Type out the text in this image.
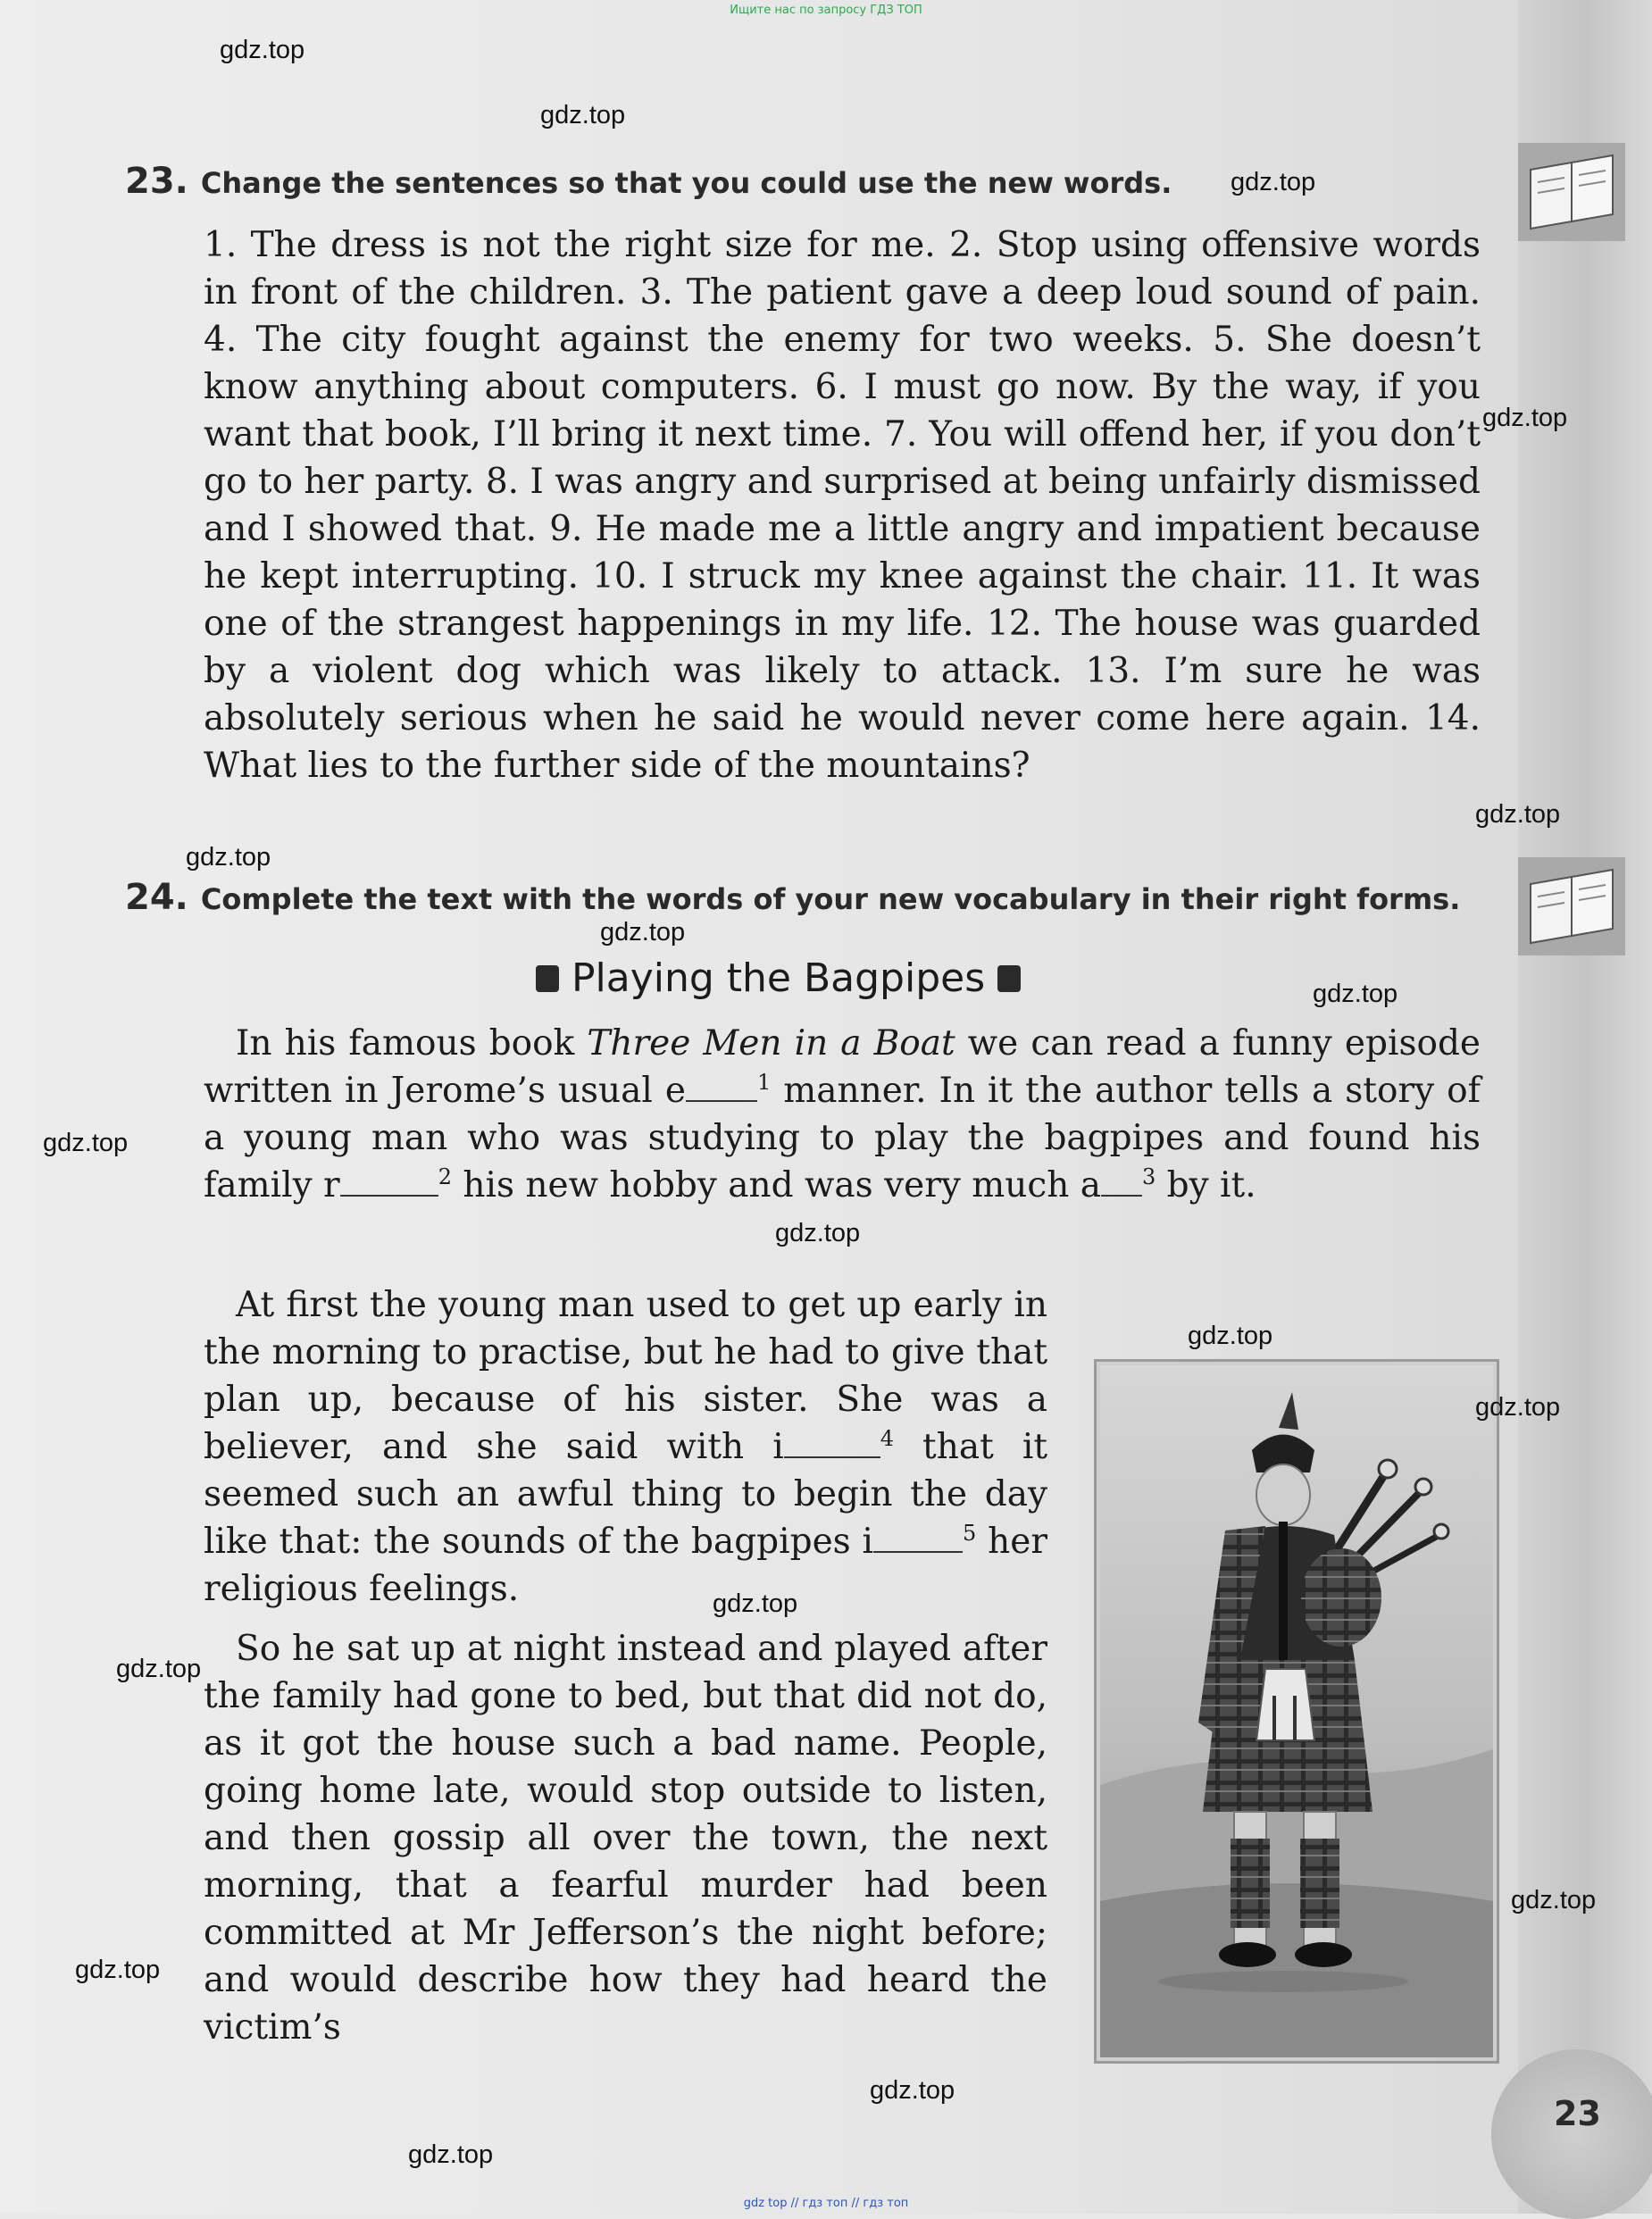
Ищите нас по запросу ГДЗ ТОП
23. Change the sentences so that you could use the new words.
1. The dress is not the right size for me. 2. Stop using offensive words in front of the children. 3. The patient gave a deep loud sound of pain. 4. The city fought against the enemy for two weeks. 5. She doesn’t know anything about computers. 6. I must go now. By the way, if you want that book, I’ll bring it next time. 7. You will offend her, if you don’t go to her party. 8. I was angry and surprised at being unfairly dismissed and I showed that. 9. He made me a little angry and impatient because he kept interrupting. 10. I struck my knee against the chair. 11. It was one of the strangest happenings in my life. 12. The house was guarded by a violent dog which was likely to attack. 13. I’m sure he was absolutely serious when he said he would never come here again. 14. What lies to the further side of the mountains?
24. Complete the text with the words of your new vocabulary in their right forms.
Playing the Bagpipes

In his famous book Three Men in a Boat we can read a funny episode written in Jerome’s usual e	$^1$ manner. In it the author tells a story of a young man who was studying to play the bagpipes and found his family r	$^2$ his new hobby and was very much a $^3$ by it.

At first the young man used to get up early in the morning to practise, but he had to give that plan up, because of his sister. She was a believer, and she said with i	$^4$ that it seemed such an awful thing to begin the day like that: the sounds of the bagpipes i	$^5$ her religious feelings.

So he sat up at night instead and played after the family had gone to bed, but that did not do, as it got the house such a bad name. People, going home late, would stop outside to listen, and then gossip all over the town, the next morning, that a fearful murder had been committed at Mr Jefferson’s the night before; and would describe how they had heard the victim’s

23
gdz.top
gdz.top
gdz.top
gdz.top
gdz.top
gdz.top
gdz.top
gdz.top
gdz.top
gdz.top
gdz.top
gdz.top
gdz.top
gdz.top
gdz.top
gdz.top
gdz.top
gdz.top
gdz top // гдз топ // гдз топ
